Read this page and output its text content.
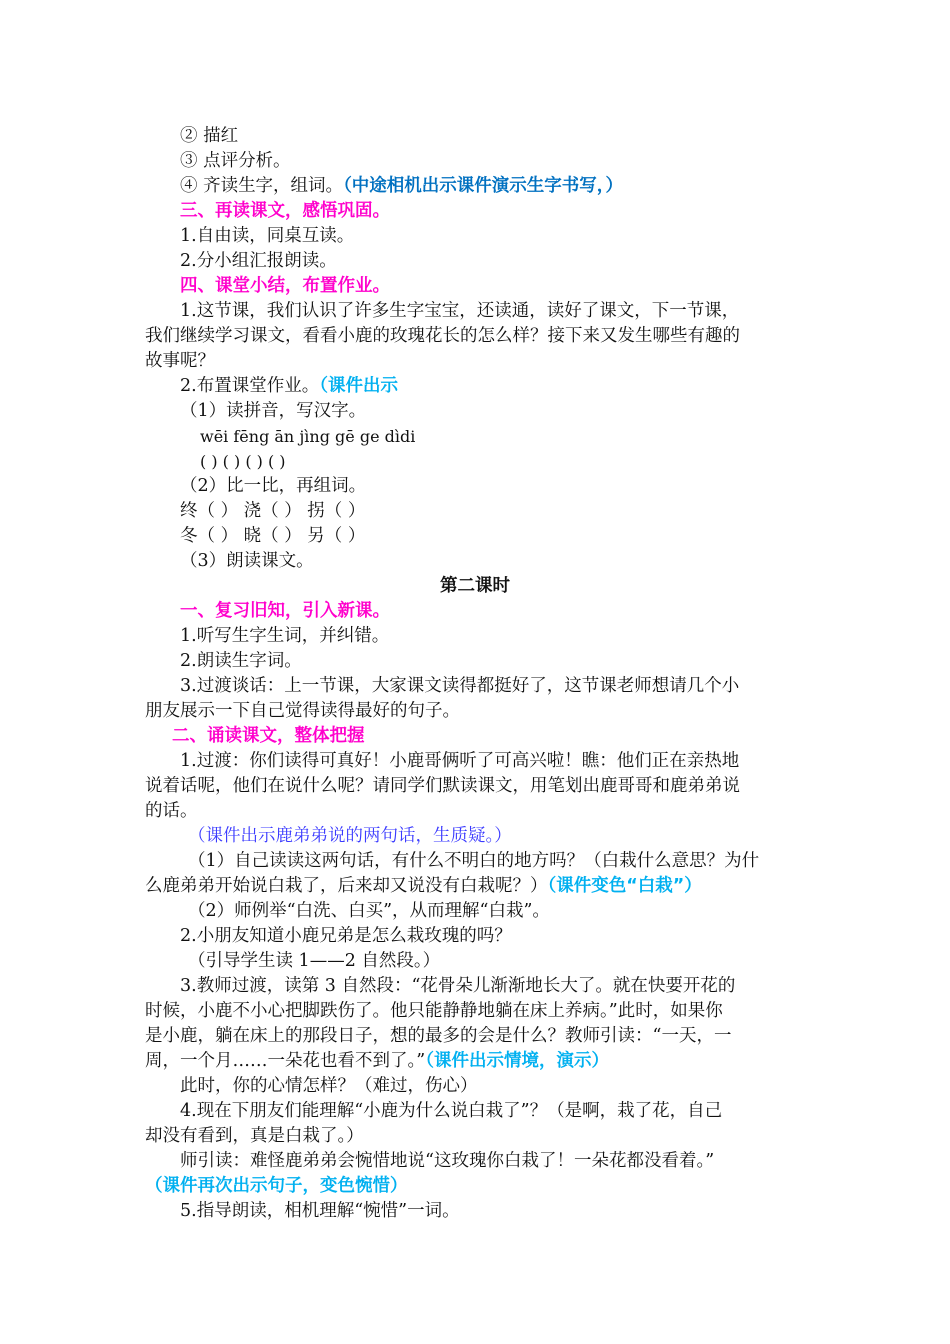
② 描红
③ 点评分析。
④ 齐读生字，组词。（中途相机出示课件演示生字书写，）
三、再读课文，感悟巩固。
1.自由读，同桌互读。
2.分小组汇报朗读。
四、课堂小结，布置作业。
1.这节课，我们认识了许多生字宝宝，还读通，读好了课文，下一节课，
我们继续学习课文，看看小鹿的玫瑰花长的怎么样？接下来又发生哪些有趣的
故事呢？
2.布置课堂作业。（课件出示
（1）读拼音，写汉字。
wēi fēng ān jìng gē ge dìdi
( ) ( ) ( ) ( )
（2）比一比，再组词。
终（ ） 浇（ ） 拐（ ）
冬（ ） 晓（ ） 另（ ）
（3）朗读课文。
第二课时
一、复习旧知，引入新课。
1.听写生字生词，并纠错。
2.朗读生字词。
3.过渡谈话：上一节课，大家课文读得都挺好了，这节课老师想请几个小
朋友展示一下自己觉得读得最好的句子。
二、诵读课文，整体把握
1.过渡：你们读得可真好！小鹿哥俩听了可高兴啦！瞧：他们正在亲热地
说着话呢，他们在说什么呢？请同学们默读课文，用笔划出鹿哥哥和鹿弟弟说
的话。
（课件出示鹿弟弟说的两句话，生质疑。）
（1）自己读读这两句话，有什么不明白的地方吗？（白栽什么意思？为什
么鹿弟弟开始说白栽了，后来却又说没有白栽呢？）（课件变色“白栽”）
（2）师例举“白洗、白买”，从而理解“白栽”。
2.小朋友知道小鹿兄弟是怎么栽玫瑰的吗？
（引导学生读 1——2 自然段。）
3.教师过渡，读第 3 自然段：“花骨朵儿渐渐地长大了。就在快要开花的
时候，小鹿不小心把脚跌伤了。他只能静静地躺在床上养病。”此时，如果你
是小鹿，躺在床上的那段日子，想的最多的会是什么？教师引读：“一天，一
周，一个月……一朵花也看不到了。”（课件出示情境，演示）
此时，你的心情怎样？（难过，伤心）
4.现在下朋友们能理解“小鹿为什么说白栽了”？（是啊，栽了花，自己
却没有看到，真是白栽了。）
师引读：难怪鹿弟弟会惋惜地说“这玫瑰你白栽了！一朵花都没看着。”
（课件再次出示句子，变色惋惜）
5.指导朗读，相机理解“惋惜”一词。
